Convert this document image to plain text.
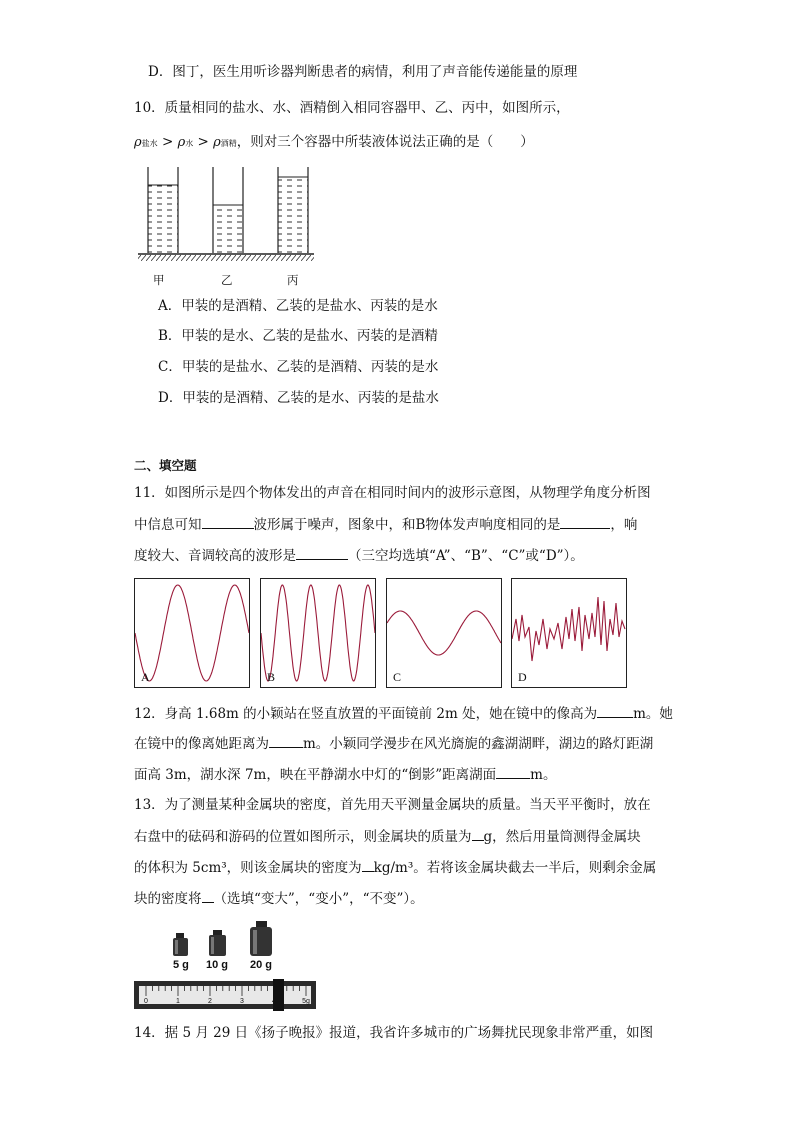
D．图丁，医生用听诊器判断患者的病情，利用了声音能传递能量的原理
10．质量相同的盐水、水、酒精倒入相同容器甲、乙、丙中，如图所示，
ρ盐水 > ρ水 > ρ酒精，则对三个容器中所装液体说法正确的是（　　）
甲	乙	丙
A．甲装的是酒精、乙装的是盐水、丙装的是水
B．甲装的是水、乙装的是盐水、丙装的是酒精
C．甲装的是盐水、乙装的是酒精、丙装的是水
D．甲装的是酒精、乙装的是水、丙装的是盐水
二、填空题
11．如图所示是四个物体发出的声音在相同时间内的波形示意图，从物理学角度分析图
中信息可知	波形属于噪声，图象中，和B物体发声响度相同的是	，响
度较大、音调较高的波形是	（三空均选填“A”、“B”、“C”或“D”）。
A	B	C	D
12．身高 1.68m 的小颖站在竖直放置的平面镜前 2m 处，她在镜中的像高为	m。她
在镜中的像离她距离为	m。小颖同学漫步在风光旖旎的鑫湖湖畔，湖边的路灯距湖
面高 3m，湖水深 7m，映在平静湖水中灯的“倒影”距离湖面	m。
13．为了测量某种金属块的密度，首先用天平测量金属块的质量。当天平平衡时，放在
右盘中的砝码和游码的位置如图所示，则金属块的质量为 g，然后用量筒测得金属块
的体积为 5cm³，则该金属块的密度为 kg/m³。若将该金属块截去一半后，则剩余金属
块的密度将 （选填“变大”，“变小”，“不变”）。
0	1	2	3	5g
5 g 10 g 20 g
14．据 5 月 29 日《扬子晚报》报道，我省许多城市的广场舞扰民现象非常严重，如图
